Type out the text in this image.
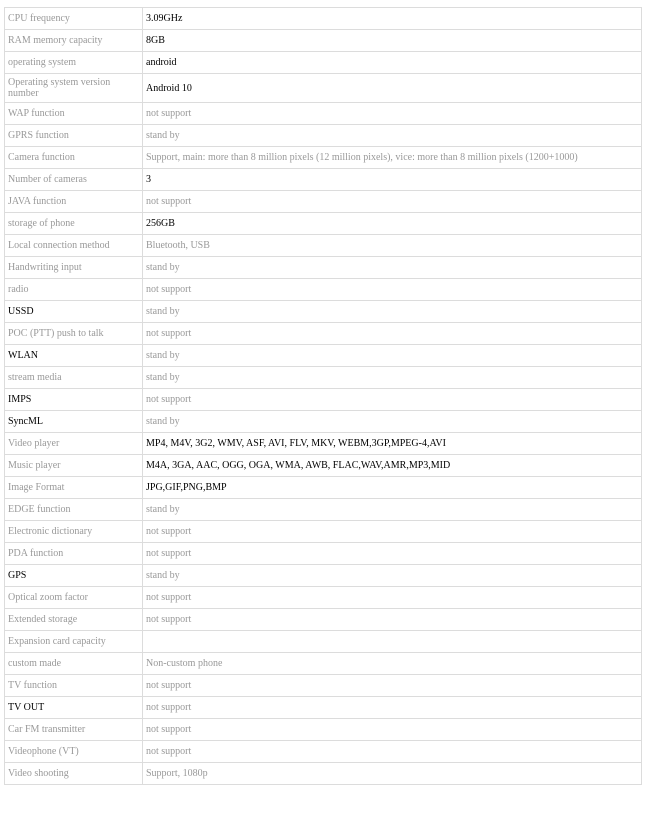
CPU frequency	3.09GHz
RAM memory capacity	8GB
operating system	android
Operating system version number	Android 10
WAP function	not support
GPRS function	stand by
Camera function	Support, main: more than 8 million pixels (12 million pixels), vice: more than 8 million pixels (1200+1000)
Number of cameras	3
JAVA function	not support
storage of phone	256GB
Local connection method	Bluetooth, USB
Handwriting input	stand by
radio	not support
USSD	stand by
POC (PTT) push to talk	not support
WLAN	stand by
stream media	stand by
IMPS	not support
SyncML	stand by
Video player	MP4, M4V, 3G2, WMV, ASF, AVI, FLV, MKV, WEBM,3GP,MPEG-4,AVI
Music player	M4A, 3GA, AAC, OGG, OGA, WMA, AWB, FLAC,WAV,AMR,MP3,MID
Image Format	JPG,GIF,PNG,BMP
EDGE function	stand by
Electronic dictionary	not support
PDA function	not support
GPS	stand by
Optical zoom factor	not support
Extended storage	not support
Expansion card capacity	
custom made	Non-custom phone
TV function	not support
TV OUT	not support
Car FM transmitter	not support
Videophone (VT)	not support
Video shooting	Support, 1080p
